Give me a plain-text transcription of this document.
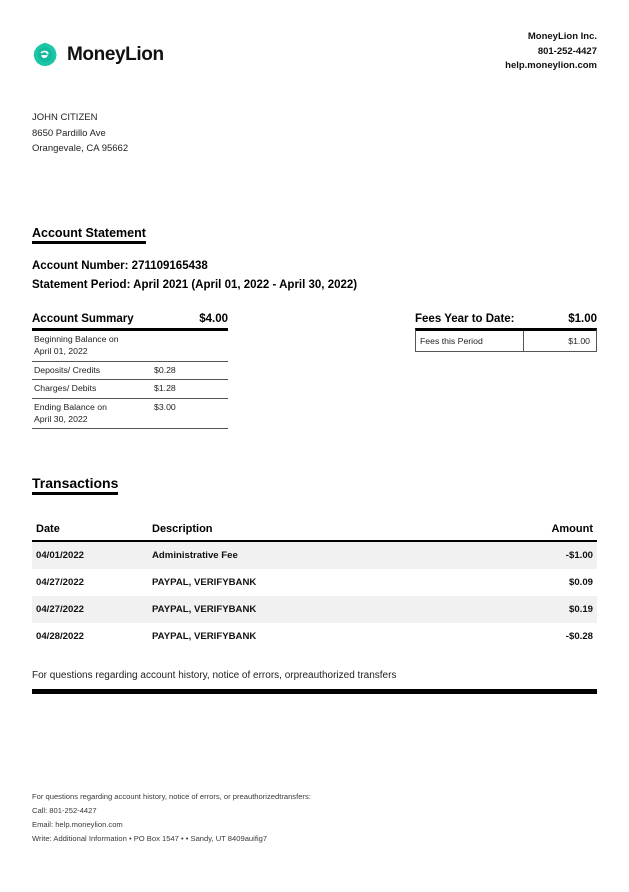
MoneyLion
MoneyLion Inc.
801-252-4427
help.moneylion.com
JOHN CITIZEN
8650 Pardillo Ave
Orangevale, CA 95662
Account Statement
Account Number: 271109165438
Statement Period: April 2021 (April 01, 2022 - April 30, 2022)
Account Summary	$4.00
Beginning Balance on
April 01, 2022	
Deposits/ Credits	$0.28
Charges/ Debits	$1.28
Ending Balance on
April 30, 2022	$3.00
Fees Year to Date:	$1.00
Fees this Period	$1.00
Transactions
Date	Description	Amount
04/01/2022	Administrative Fee	-$1.00
04/27/2022	PAYPAL, VERIFYBANK	$0.09
04/27/2022	PAYPAL, VERIFYBANK	$0.19
04/28/2022	PAYPAL, VERIFYBANK	-$0.28
For questions regarding account history, notice of errors, orpreauthorized transfers
For questions regarding account history, notice of errors, or preauthorizedtransfers:
Call: 801-252-4427
Email: help.moneylion.com
Write: Additional Information • PO Box 1547 • • Sandy, UT 8409auifig7
